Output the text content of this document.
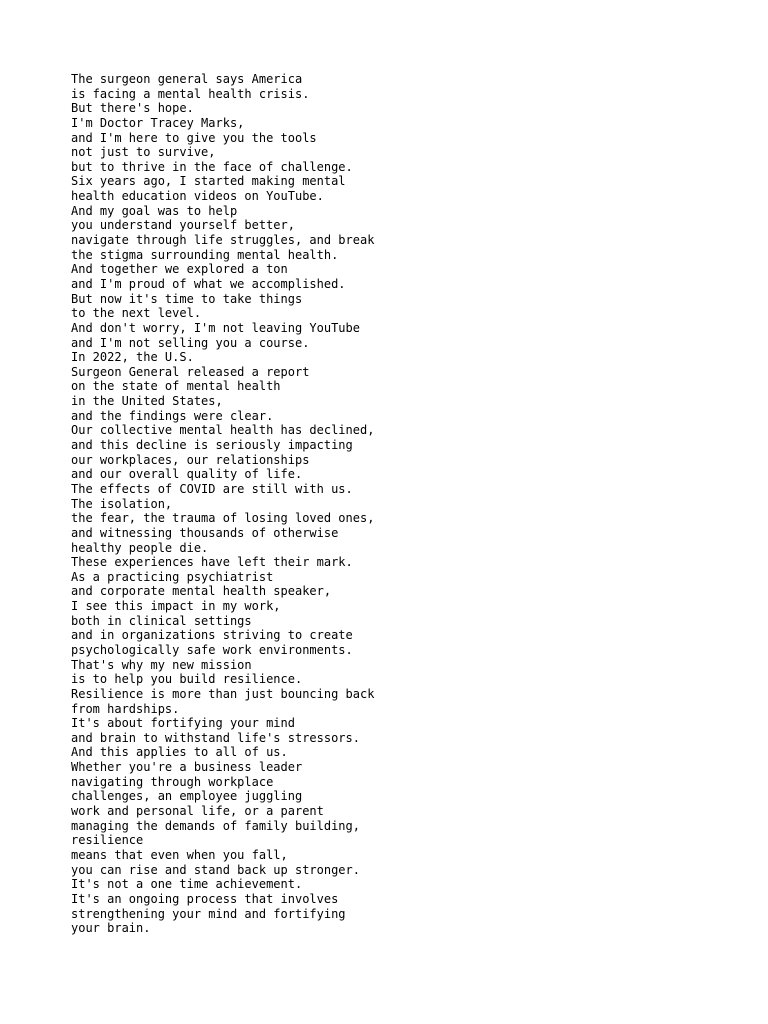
The surgeon general says America
is facing a mental health crisis.
But there's hope.
I'm Doctor Tracey Marks,
and I'm here to give you the tools
not just to survive,
but to thrive in the face of challenge.
Six years ago, I started making mental
health education videos on YouTube.
And my goal was to help
you understand yourself better,
navigate through life struggles, and break
the stigma surrounding mental health.
And together we explored a ton
and I'm proud of what we accomplished.
But now it's time to take things
to the next level.
And don't worry, I'm not leaving YouTube
and I'm not selling you a course.
In 2022, the U.S.
Surgeon General released a report
on the state of mental health
in the United States,
and the findings were clear.
Our collective mental health has declined,
and this decline is seriously impacting
our workplaces, our relationships
and our overall quality of life.
The effects of COVID are still with us.
The isolation,
the fear, the trauma of losing loved ones,
and witnessing thousands of otherwise
healthy people die.
These experiences have left their mark.
As a practicing psychiatrist
and corporate mental health speaker,
I see this impact in my work,
both in clinical settings
and in organizations striving to create
psychologically safe work environments.
That's why my new mission
is to help you build resilience.
Resilience is more than just bouncing back
from hardships.
It's about fortifying your mind
and brain to withstand life's stressors.
And this applies to all of us.
Whether you're a business leader
navigating through workplace
challenges, an employee juggling
work and personal life, or a parent
managing the demands of family building,
resilience
means that even when you fall,
you can rise and stand back up stronger.
It's not a one time achievement.
It's an ongoing process that involves
strengthening your mind and fortifying
your brain.
